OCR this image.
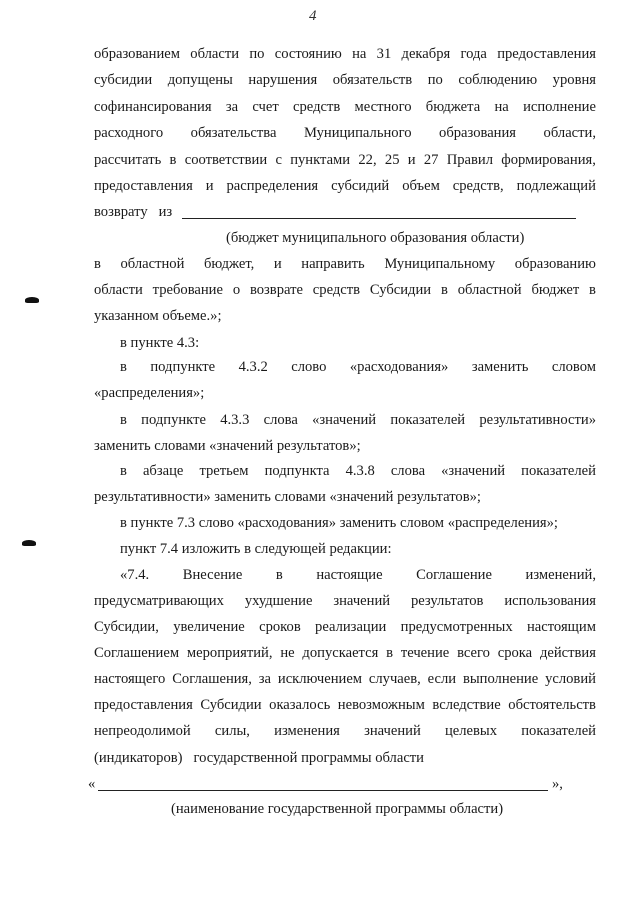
4
образованием области по состоянию на 31 декабря года предоставления
субсидии допущены нарушения обязательств по соблюдению уровня
софинансирования за счет средств местного бюджета на исполнение
расходного обязательства Муниципального образования области,
рассчитать в соответствии с пунктами 22, 25 и 27 Правил формирования,
предоставления и распределения субсидий объем средств, подлежащий
возврату   из
(бюджет муниципального образования области)
в областной бюджет, и направить Муниципальному образованию
области требование о возврате средств Субсидии в областной бюджет в
указанном объеме.»;
в пункте 4.3:
в подпункте 4.3.2 слово «расходования» заменить словом
«распределения»;
в подпункте 4.3.3 слова «значений показателей результативности»
заменить словами «значений результатов»;
в абзаце третьем подпункта 4.3.8 слова «значений показателей
результативности» заменить словами «значений результатов»;
в пункте 7.3 слово «расходования» заменить словом «распределения»;
пункт 7.4 изложить в следующей редакции:
«7.4. Внесение в настоящие Соглашение изменений,
предусматривающих ухудшение значений результатов использования
Субсидии, увеличение сроков реализации предусмотренных настоящим
Соглашением мероприятий, не допускается в течение всего срока действия
настоящего Соглашения, за исключением случаев, если выполнение условий
предоставления Субсидии оказалось невозможным вследствие обстоятельств
непреодолимой силы, изменения значений целевых показателей
(индикаторов)   государственной программы области
«	»,
(наименование государственной программы области)
